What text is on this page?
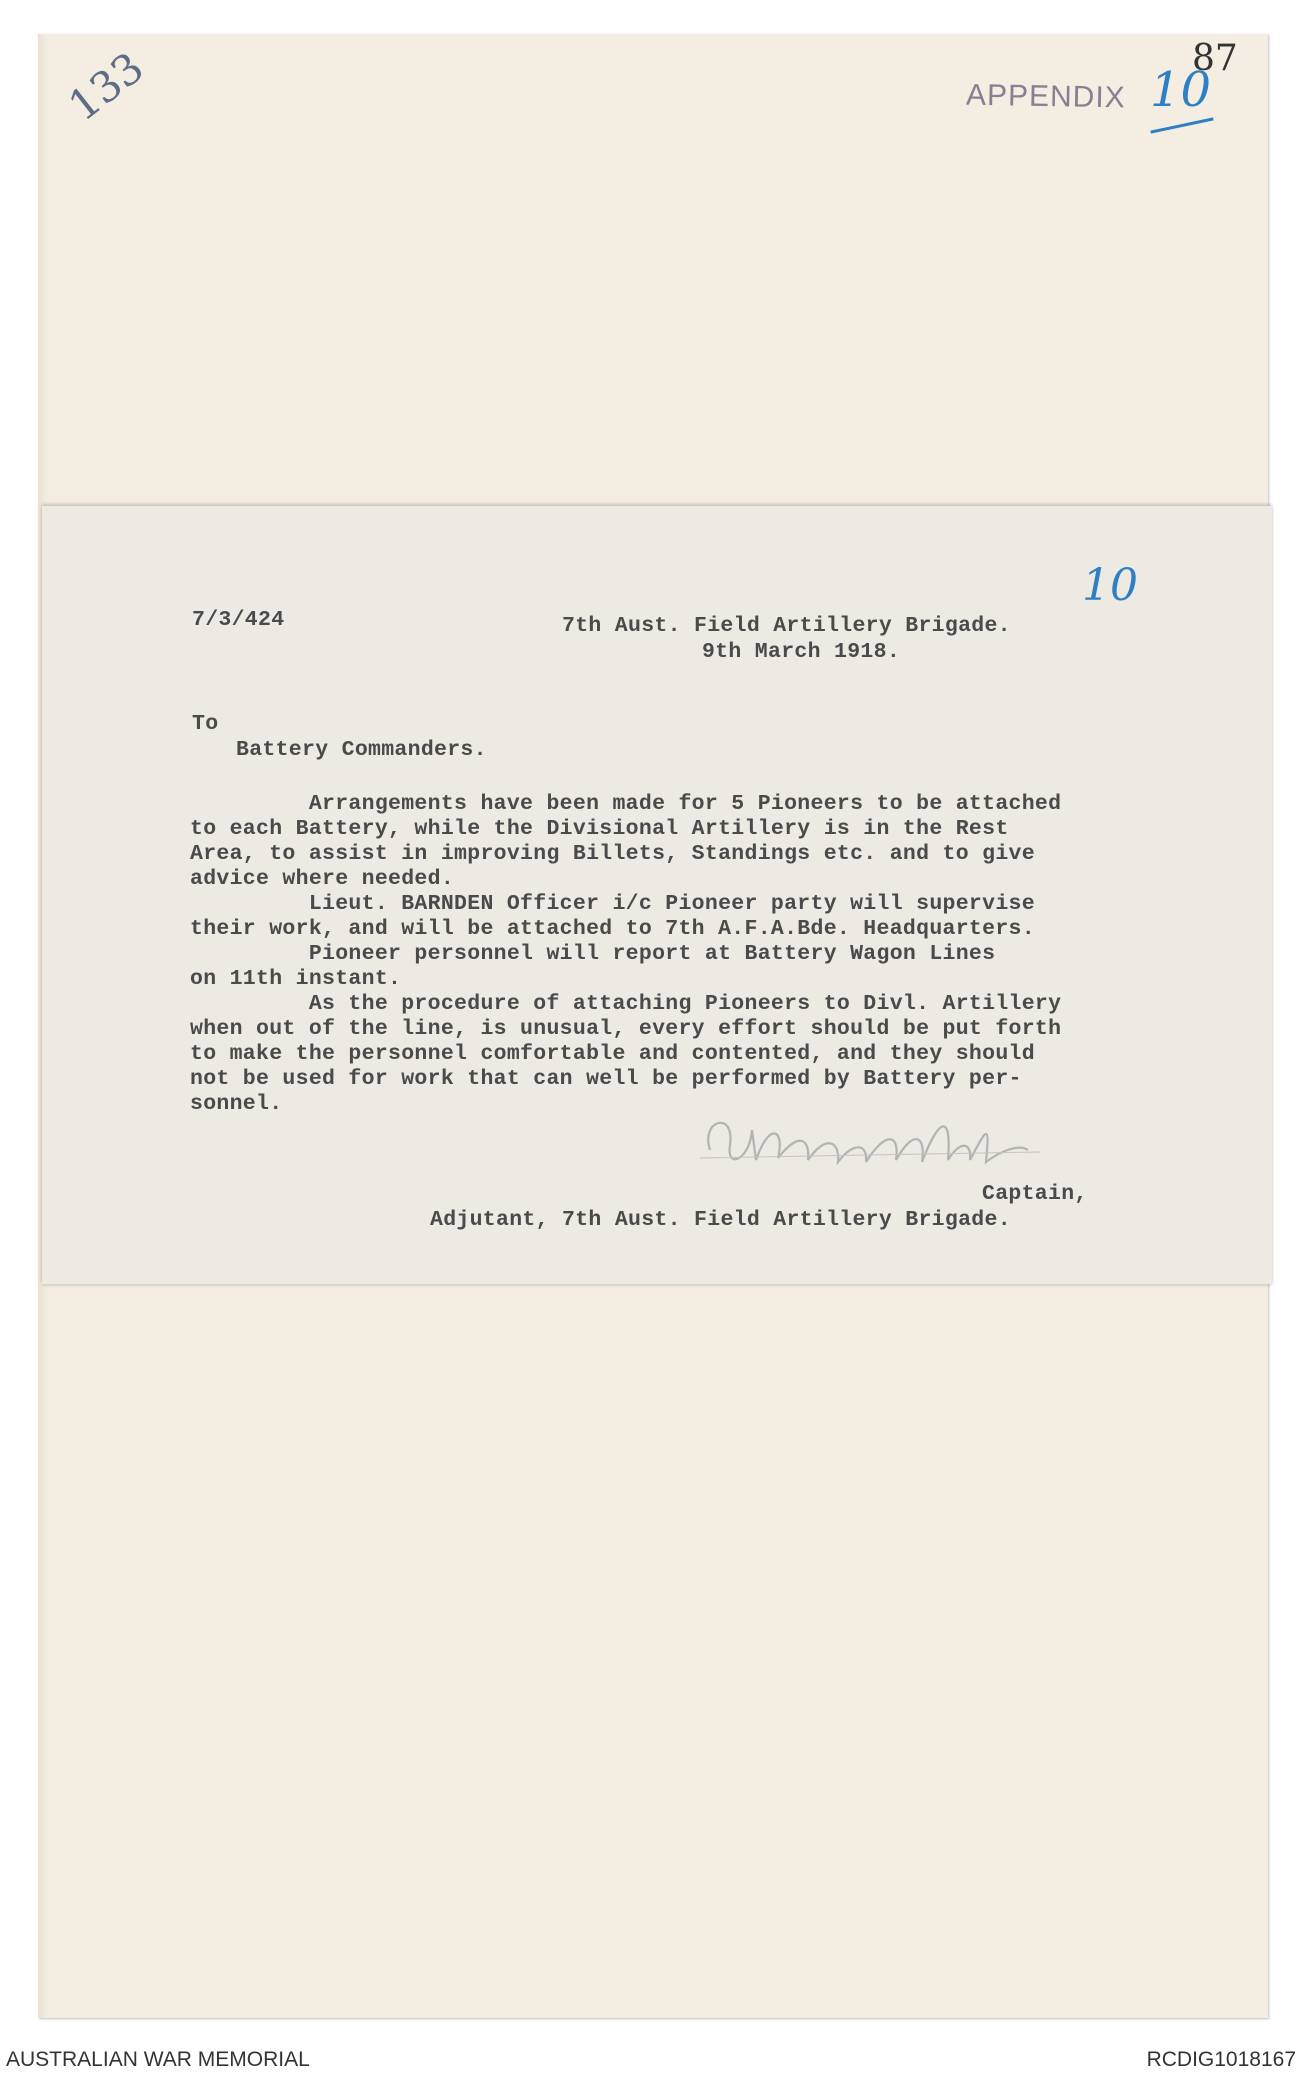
133	APPENDIX 10
87
10
7/3/424	7th Aust. Field Artillery Brigade.
9th March 1918.
To
Battery Commanders.
Arrangements have been made for 5 Pioneers to be attached
to each Battery, while the Divisional Artillery is in the Rest
Area, to assist in improving Billets, Standings etc. and to give
advice where needed.
Lieut. BARNDEN Officer i/c Pioneer party will supervise
their work, and will be attached to 7th A.F.A.Bde. Headquarters.
Pioneer personnel will report at Battery Wagon Lines
on 11th instant.
As the procedure of attaching Pioneers to Divl. Artillery
when out of the line, is unusual, every effort should be put forth
to make the personnel comfortable and contented, and they should
not be used for work that can well be performed by Battery per-
sonnel.
Captain,
Adjutant, 7th Aust. Field Artillery Brigade.
AUSTRALIAN WAR MEMORIAL	RCDIG1018167
